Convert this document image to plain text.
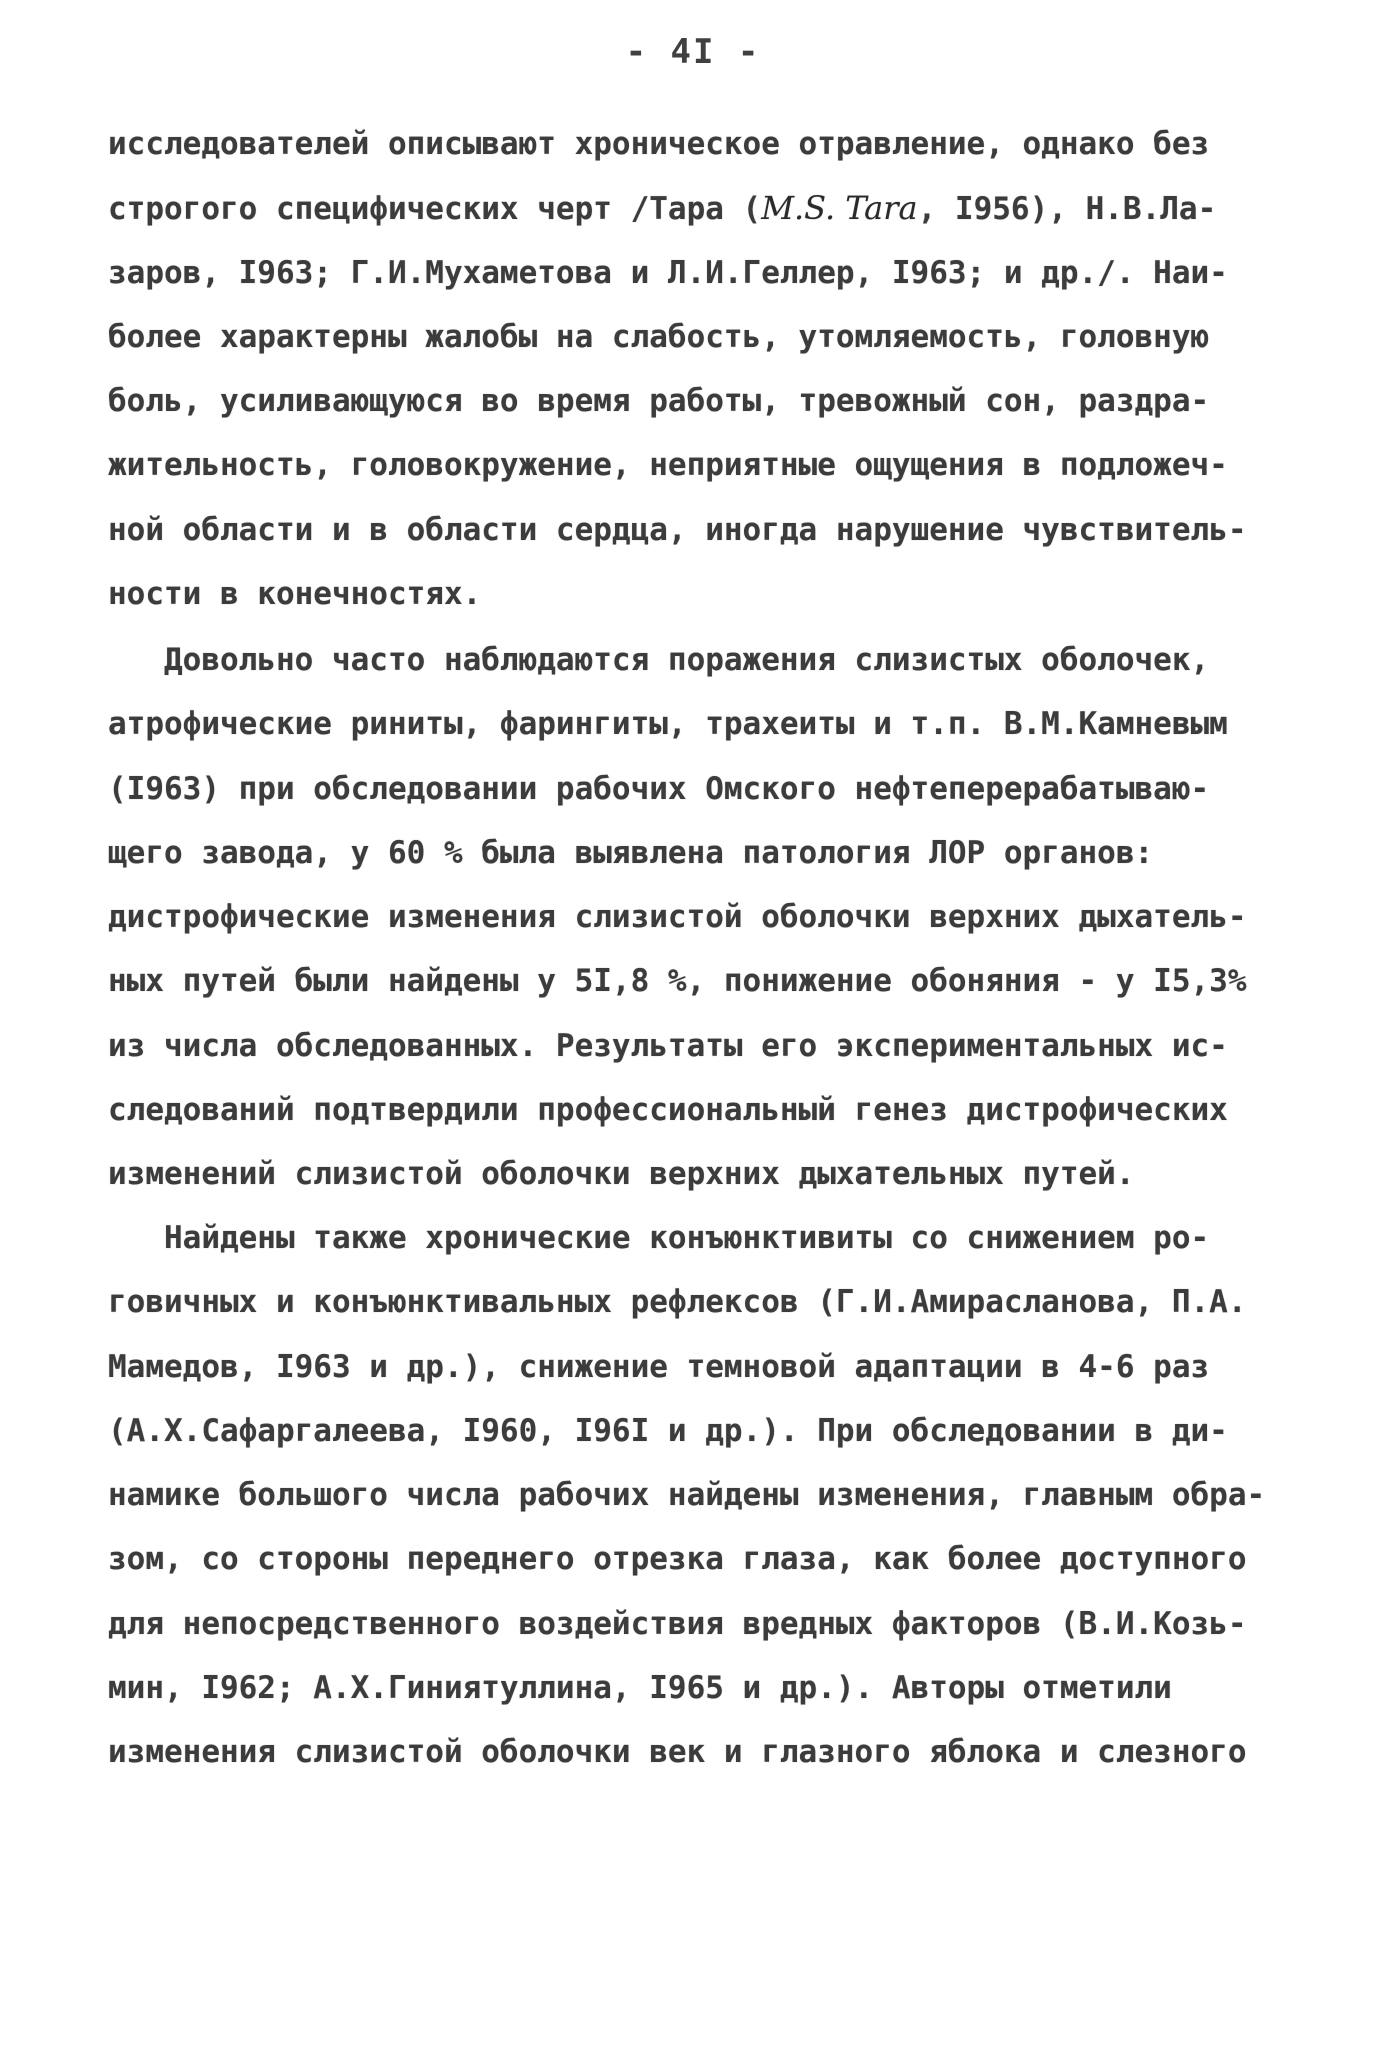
- 4I -
исследователей описывают хроническое отравление, однако без
строгого специфических черт /Тара (M.S. Tara, I956), Н.В.Ла-
заров, I963; Г.И.Мухаметова и Л.И.Геллер, I963; и др./. Наи-
более характерны жалобы на слабость, утомляемость, головную
боль, усиливающуюся во время работы, тревожный сон, раздра-
жительность, головокружение, неприятные ощущения в подложеч-
ной области и в области сердца, иногда нарушение чувствитель-
ности в конечностях.
Довольно часто наблюдаются поражения слизистых оболочек,
атрофические риниты, фарингиты, трахеиты и т.п. В.М.Камневым
(I963) при обследовании рабочих Омского нефтеперерабатываю-
щего завода, у 60 % была выявлена патология ЛОР органов:
дистрофические изменения слизистой оболочки верхних дыхатель-
ных путей были найдены у 5I,8 %, понижение обоняния - у I5,3%
из числа обследованных. Результаты его экспериментальных ис-
следований подтвердили профессиональный генез дистрофических
изменений слизистой оболочки верхних дыхательных путей.
Найдены также хронические конъюнктивиты со снижением ро-
говичных и конъюнктивальных рефлексов (Г.И.Амирасланова, П.А.
Мамедов, I963 и др.), снижение темновой адаптации в 4-6 раз
(А.Х.Сафаргалеева, I960, I96I и др.). При обследовании в ди-
намике большого числа рабочих найдены изменения, главным обра-
зом, со стороны переднего отрезка глаза, как более доступного
для непосредственного воздействия вредных факторов (В.И.Козь-
мин, I962; А.Х.Гиниятуллина, I965 и др.). Авторы отметили
изменения слизистой оболочки век и глазного яблока и слезного
